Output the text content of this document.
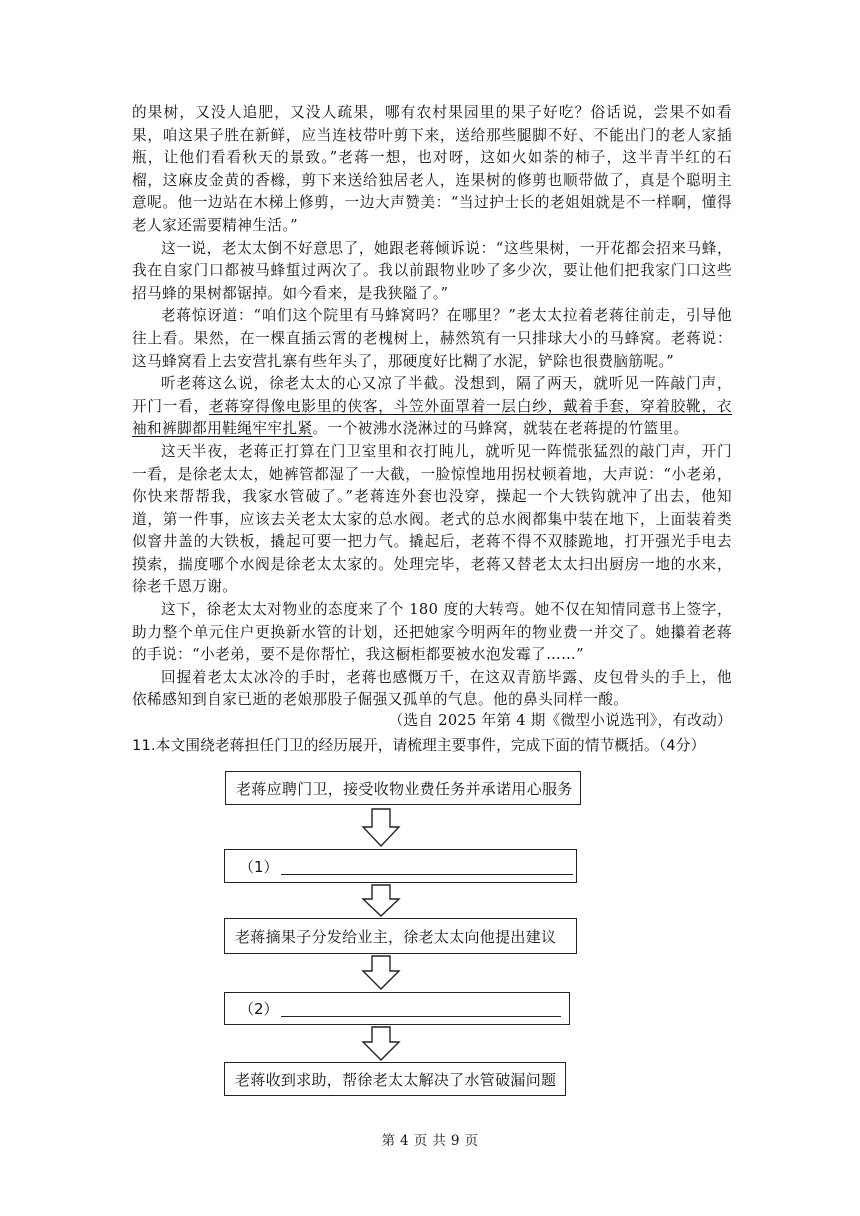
的果树，又没人追肥，又没人疏果，哪有农村果园里的果子好吃？俗话说，尝果不如看果，咱这果子胜在新鲜，应当连枝带叶剪下来，送给那些腿脚不好、不能出门的老人家插瓶，让他们看看秋天的景致。”老蒋一想，也对呀，这如火如荼的柿子，这半青半红的石榴，这麻皮金黄的香橼，剪下来送给独居老人，连果树的修剪也顺带做了，真是个聪明主意呢。他一边站在木梯上修剪，一边大声赞美：“当过护士长的老姐姐就是不一样啊，懂得老人家还需要精神生活。”

这一说，老太太倒不好意思了，她跟老蒋倾诉说：“这些果树，一开花都会招来马蜂，我在自家门口都被马蜂蜇过两次了。我以前跟物业吵了多少次，要让他们把我家门口这些招马蜂的果树都锯掉。如今看来，是我狭隘了。”

老蒋惊讶道：“咱们这个院里有马蜂窝吗？在哪里？”老太太拉着老蒋往前走，引导他往上看。果然，在一棵直插云霄的老槐树上，赫然筑有一只排球大小的马蜂窝。老蒋说：这马蜂窝看上去安营扎寨有些年头了，那硬度好比糊了水泥，铲除也很费脑筋呢。”

听老蒋这么说，徐老太太的心又凉了半截。没想到，隔了两天，就听见一阵敲门声，开门一看，老蒋穿得像电影里的侠客，斗笠外面罩着一层白纱，戴着手套，穿着胶靴，衣袖和裤脚都用鞋绳牢牢扎紧。一个被沸水浇淋过的马蜂窝，就装在老蒋提的竹篮里。

这天半夜，老蒋正打算在门卫室里和衣打盹儿，就听见一阵慌张猛烈的敲门声，开门一看，是徐老太太，她裤管都湿了一大截，一脸惊惶地用拐杖顿着地，大声说：“小老弟，你快来帮帮我，我家水管破了。”老蒋连外套也没穿，操起一个大铁钩就冲了出去，他知道，第一件事，应该去关老太太家的总水阀。老式的总水阀都集中装在地下，上面装着类似窨井盖的大铁板，撬起可要一把力气。撬起后，老蒋不得不双膝跪地，打开强光手电去摸索，揣度哪个水阀是徐老太太家的。处理完毕，老蒋又替老太太扫出厨房一地的水来，徐老千恩万谢。

这下，徐老太太对物业的态度来了个 180 度的大转弯。她不仅在知情同意书上签字，助力整个单元住户更换新水管的计划，还把她家今明两年的物业费一并交了。她攥着老蒋的手说：“小老弟，要不是你帮忙，我这橱柜都要被水泡发霉了……”

回握着老太太冰冷的手时，老蒋也感慨万千，在这双青筋毕露、皮包骨头的手上，他依稀感知到自家已逝的老娘那股子倔强又孤单的气息。他的鼻头同样一酸。

（选自 2025 年第 4 期《微型小说选刊》，有改动）
11.本文围绕老蒋担任门卫的经历展开，请梳理主要事件，完成下面的情节概括。（4分）
老蒋应聘门卫，接受收物业费任务并承诺用心服务
（1）
老蒋摘果子分发给业主，徐老太太向他提出建议
（2）
老蒋收到求助，帮徐老太太解决了水管破漏问题
第 4 页 共 9 页
